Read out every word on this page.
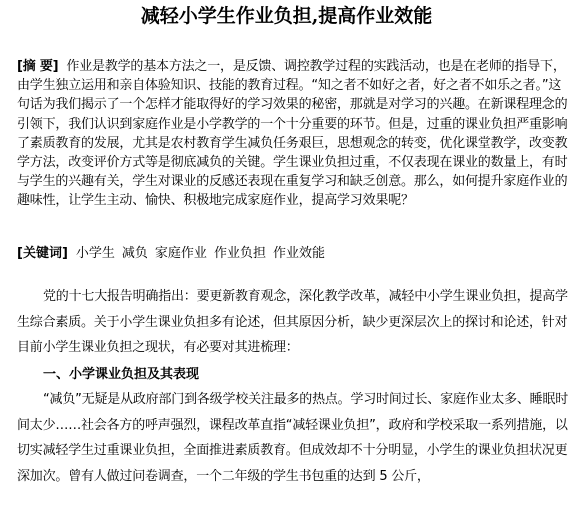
减轻小学生作业负担,提高作业效能

[摘 要] 作业是教学的基本方法之一，是反馈、调控教学过程的实践活动，也是在老师的指导下，由学生独立运用和亲自体验知识、技能的教育过程。“知之者不如好之者，好之者不如乐之者。”这句话为我们揭示了一个怎样才能取得好的学习效果的秘密，那就是对学习的兴趣。在新课程理念的引领下，我们认识到家庭作业是小学教学的一个十分重要的环节。但是，过重的课业负担严重影响了素质教育的发展，尤其是农村教育学生减负任务艰巨，思想观念的转变，优化课堂教学，改变教学方法，改变评价方式等是彻底减负的关键。学生课业负担过重，不仅表现在课业的数量上，有时与学生的兴趣有关，学生对课业的反感还表现在重复学习和缺乏创意。那么，如何提升家庭作业的趣味性，让学生主动、愉快、积极地完成家庭作业，提高学习效果呢？

[关键词] 小学生 减负 家庭作业 作业负担 作业效能

党的十七大报告明确指出：要更新教育观念，深化教学改革，减轻中小学生课业负担，提高学生综合素质。关于小学生课业负担多有论述，但其原因分析，缺少更深层次上的探讨和论述，针对目前小学生课业负担之现状，有必要对其进梳理：

一、小学课业负担及其表现

“减负”无疑是从政府部门到各级学校关注最多的热点。学习时间过长、家庭作业太多、睡眠时间太少……社会各方的呼声强烈，课程改革直指“减轻课业负担”，政府和学校采取一系列措施，以切实减轻学生过重课业负担，全面推进素质教育。但成效却不十分明显，小学生的课业负担状况更深加次。曾有人做过问卷调查，一个二年级的学生书包重的达到 5 公斤，
